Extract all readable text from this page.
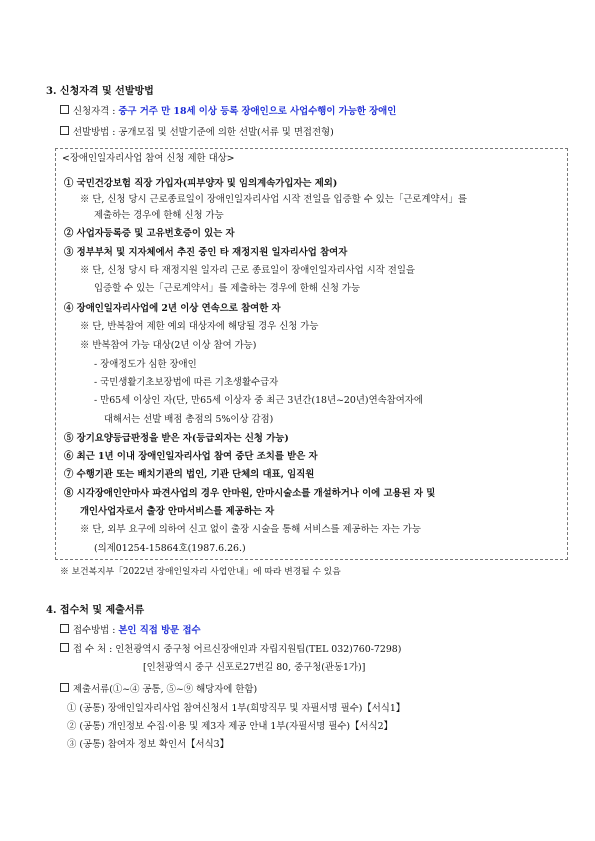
3. 신청자격 및 선발방법
신청자격 : 중구 거주 만 18세 이상 등록 장애인으로 사업수행이 가능한 장애인
선발방법 : 공개모집 및 선발기준에 의한 선발(서류 및 면접전형)
<장애인일자리사업 참여 신청 제한 대상>
① 국민건강보험 직장 가입자(피부양자 및 임의계속가입자는 제외)
※ 단, 신청 당시 근로종료일이 장애인일자리사업 시작 전일을 입증할 수 있는「근로계약서」를
제출하는 경우에 한해 신청 가능
② 사업자등록증 및 고유번호증이 있는 자
③ 정부부처 및 지자체에서 추진 중인 타 재정지원 일자리사업 참여자
※ 단, 신청 당시 타 재정지원 일자리 근로 종료일이 장애인일자리사업 시작 전일을
입증할 수 있는「근로계약서」를 제출하는 경우에 한해 신청 가능
④ 장애인일자리사업에 2년 이상 연속으로 참여한 자
※ 단, 반복참여 제한 예외 대상자에 해당될 경우 신청 가능
※ 반복참여 가능 대상(2년 이상 참여 가능)
- 장애정도가 심한 장애인
- 국민생활기초보장법에 따른 기초생활수급자
- 만65세 이상인 자(단, 만65세 이상자 중 최근 3년간(18년~20년)연속참여자에
대해서는 선발 배점 총점의 5%이상 감점)
⑤ 장기요양등급판정을 받은 자(등급외자는 신청 가능)
⑥ 최근 1년 이내 장애인일자리사업 참여 중단 조치를 받은 자
⑦ 수행기관 또는 배치기관의 법인, 기관 단체의 대표, 임직원
⑧ 시각장애인안마사 파견사업의 경우 안마원, 안마시술소를 개설하거나 이에 고용된 자 및
개인사업자로서 출장 안마서비스를 제공하는 자
※ 단, 외부 요구에 의하여 신고 없이 출장 시술을 통해 서비스를 제공하는 자는 가능
(의제01254-15864호(1987.6.26.)
※ 보건복지부「2022년 장애인일자리 사업안내」에 따라 변경될 수 있음
4. 접수처 및 제출서류
접수방법 : 본인 직접 방문 접수
접 수 처 : 인천광역시 중구청 어르신장애인과 자립지원팀(TEL 032)760-7298)
[인천광역시 중구 신포로27번길 80, 중구청(관동1가)]
제출서류(①~④ 공통, ⑤~⑨ 해당자에 한함)
① (공통) 장애인일자리사업 참여신청서 1부(희망직무 및 자필서명 필수)【서식1】
② (공통) 개인정보 수집·이용 및 제3자 제공 안내 1부(자필서명 필수)【서식2】
③ (공통) 참여자 정보 확인서【서식3】
